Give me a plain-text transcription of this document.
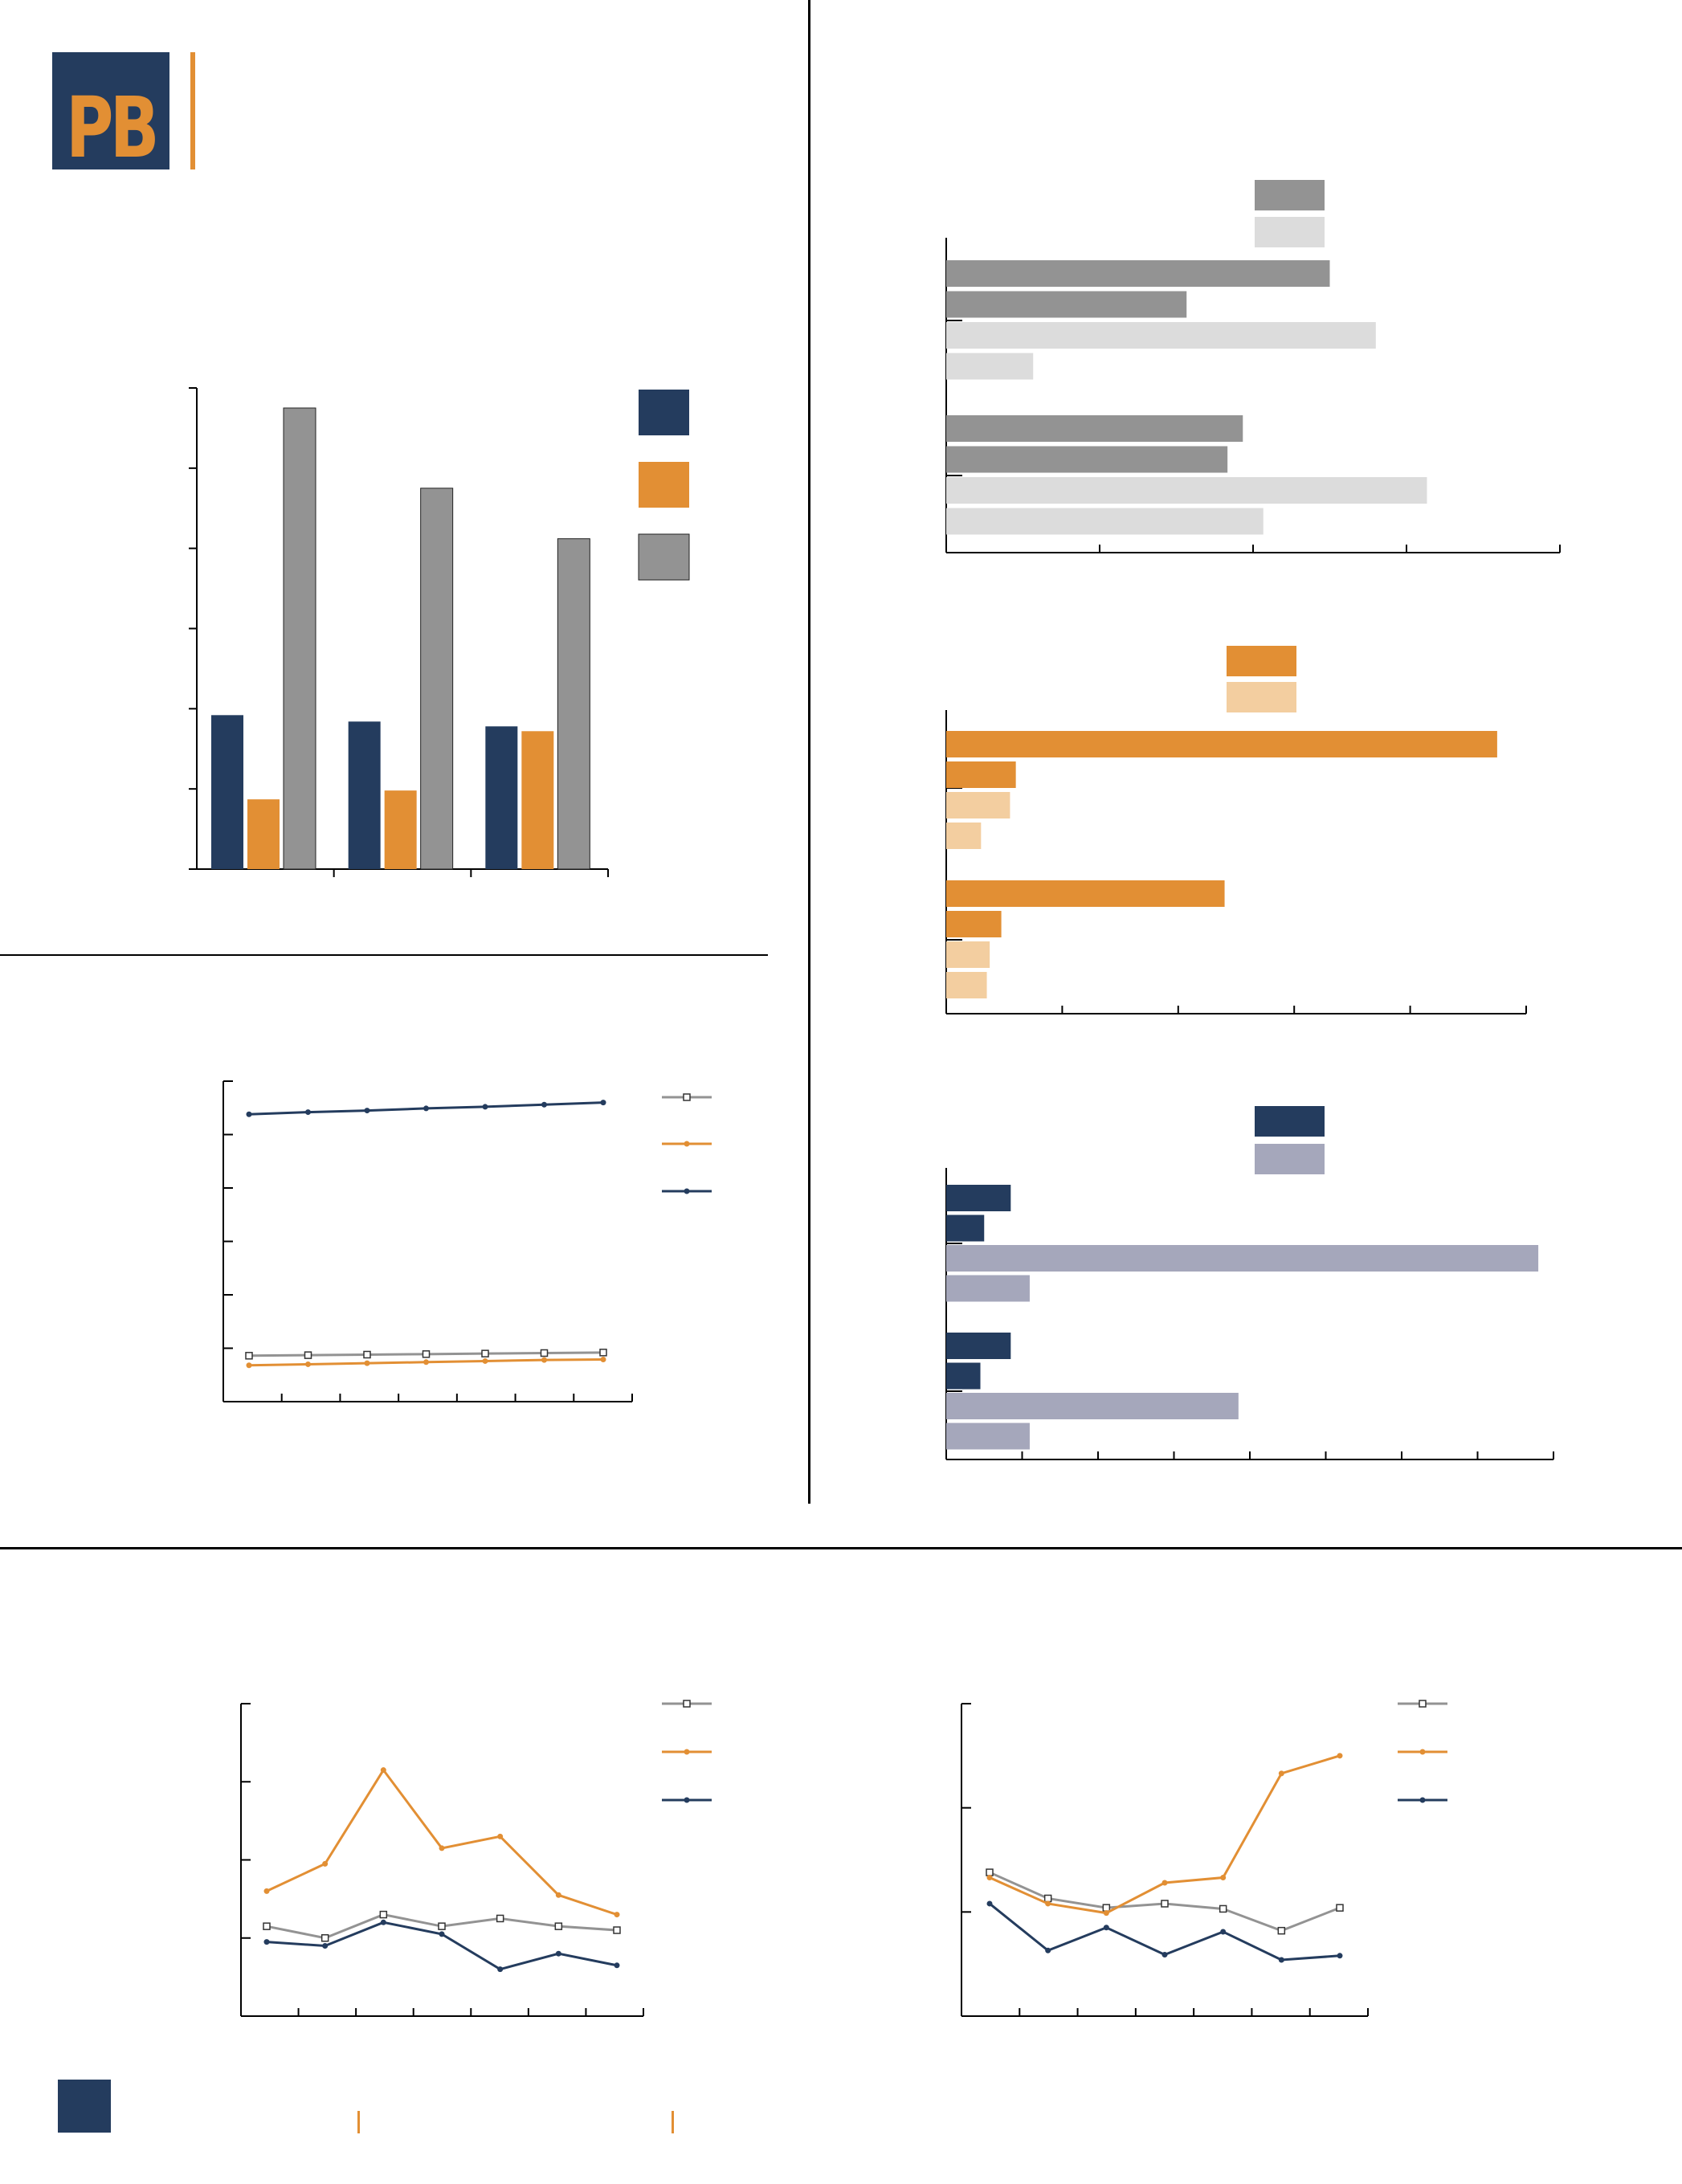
PB
